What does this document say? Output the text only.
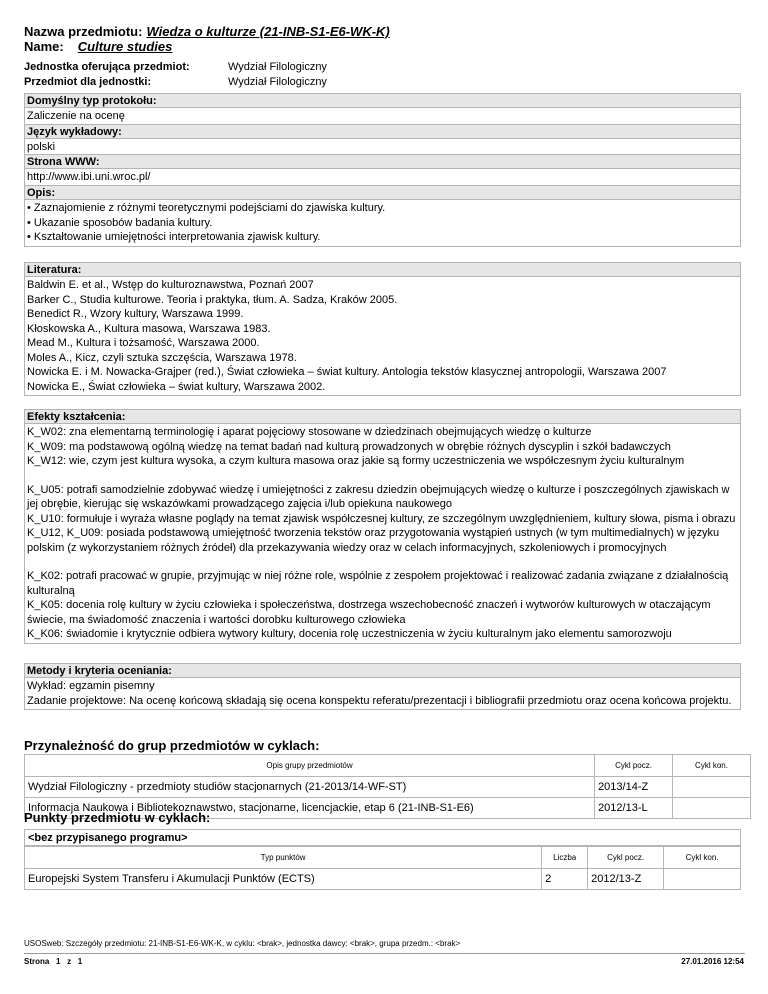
Nazwa przedmiotu: Wiedza o kulturze (21-INB-S1-E6-WK-K)
Name: Culture studies
Jednostka oferująca przedmiot:	Wydział Filologiczny
Przedmiot dla jednostki:	Wydział Filologiczny
Domyślny typ protokołu:
Zaliczenie na ocenę
Język wykładowy:
polski
Strona WWW:
http://www.ibi.uni.wroc.pl/
Opis:
• Zaznajomienie z różnymi teoretycznymi podejściami do zjawiska kultury.
• Ukazanie sposobów badania kultury.
• Kształtowanie umiejętności interpretowania zjawisk kultury.
Literatura:
Baldwin E. et al., Wstęp do kulturoznawstwa, Poznań 2007
Barker C., Studia kulturowe. Teoria i praktyka, tłum. A. Sadza, Kraków 2005.
Benedict R., Wzory kultury, Warszawa 1999.
Kłoskowska A., Kultura masowa, Warszawa 1983.
Mead M., Kultura i tożsamość, Warszawa 2000.
Moles A., Kicz, czyli sztuka szczęścia, Warszawa 1978.
Nowicka E. i M. Nowacka-Grajper (red.), Świat człowieka – świat kultury. Antologia tekstów klasycznej antropologii, Warszawa 2007
Nowicka E., Świat człowieka – świat kultury, Warszawa 2002.
Efekty kształcenia:
K_W02: zna elementarną terminologię i aparat pojęciowy stosowane w dziedzinach obejmujących wiedzę o kulturze
K_W09: ma podstawową ogólną wiedzę na temat badań nad kulturą prowadzonych w obrębie różnych dyscyplin i szkół badawczych
K_W12: wie, czym jest kultura wysoka, a czym kultura masowa oraz jakie są formy uczestniczenia we współczesnym życiu kulturalnym
K_U05: potrafi samodzielnie zdobywać wiedzę i umiejętności z zakresu dziedzin obejmujących wiedzę o kulturze i poszczególnych zjawiskach w jej obrębie, kierując się wskazówkami prowadzącego zajęcia i/lub opiekuna naukowego
K_U10: formułuje i wyraża własne poglądy na temat zjawisk współczesnej kultury, ze szczególnym uwzględnieniem, kultury słowa, pisma i obrazu
K_U12, K_U09: posiada podstawową umiejętność tworzenia tekstów oraz przygotowania wystąpień ustnych (w tym multimedialnych) w języku polskim (z wykorzystaniem różnych źródeł) dla przekazywania wiedzy oraz w celach informacyjnych, szkoleniowych i promocyjnych
K_K02: potrafi pracować w grupie, przyjmując w niej różne role, wspólnie z zespołem projektować i realizować zadania związane z działalnością kulturalną
K_K05: docenia rolę kultury w życiu człowieka i społeczeństwa, dostrzega wszechobecność znaczeń i wytworów kulturowych w otaczającym świecie, ma świadomość znaczenia i wartości dorobku kulturowego człowieka
K_K06: świadomie i krytycznie odbiera wytwory kultury, docenia rolę uczestniczenia w życiu kulturalnym jako elementu samorozwoju
Metody i kryteria oceniania:
Wykład: egzamin pisemny
Zadanie projektowe: Na ocenę końcową składają się ocena konspektu referatu/prezentacji i bibliografii przedmiotu oraz ocena końcowa projektu.
Przynależność do grup przedmiotów w cyklach:
Opis grupy przedmiotów	Cykl pocz.	Cykl kon.
Wydział Filologiczny - przedmioty studiów stacjonarnych (21-2013/14-WF-ST)	2013/14-Z	
Informacja Naukowa i Bibliotekoznawstwo, stacjonarne, licencjackie, etap 6 (21-INB-S1-E6)	2012/13-L	
Punkty przedmiotu w cyklach:
<bez przypisanego programu>
Typ punktów	Liczba	Cykl pocz.	Cykl kon.
Europejski System Transferu i Akumulacji Punktów (ECTS)	2	2012/13-Z	
USOSweb: Szczegóły przedmiotu: 21-INB-S1-E6-WK-K, w cyklu: <brak>, jednostka dawcy: <brak>, grupa przedm.: <brak>
Strona   1   z   1	27.01.2016 12:54
